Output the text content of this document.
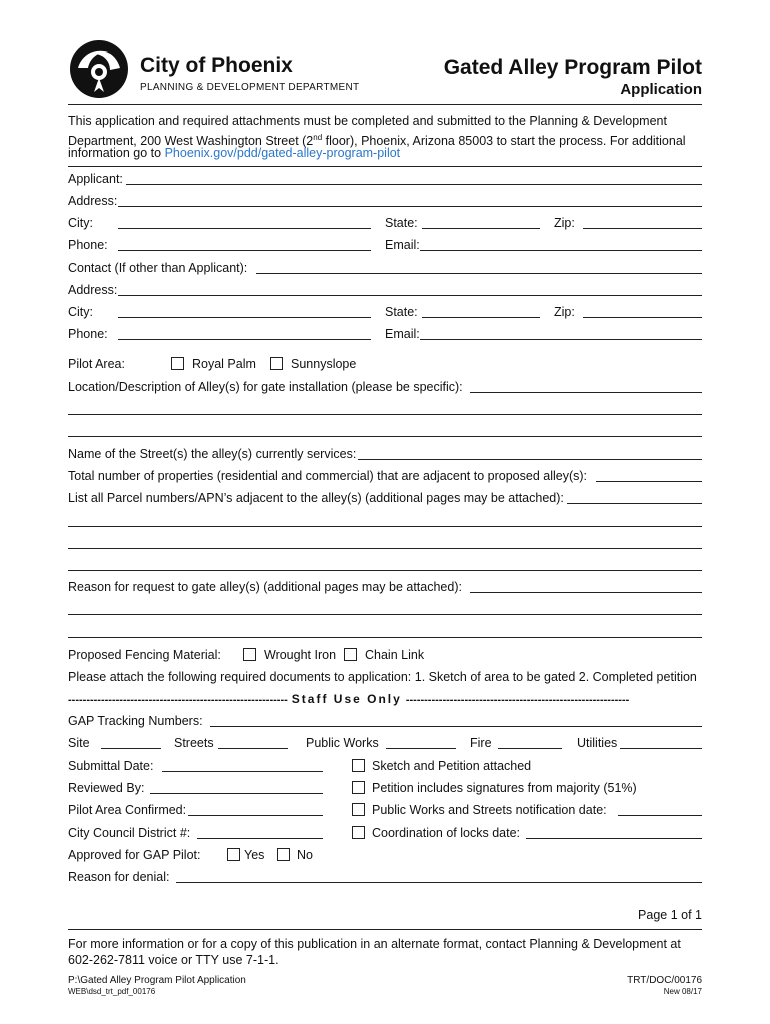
City of Phoenix
PLANNING & DEVELOPMENT DEPARTMENT
Gated Alley Program Pilot
Application
This application and required attachments must be completed and submitted to the Planning & Development
Department, 200 West Washington Street (2nd floor), Phoenix, Arizona 85003 to start the process. For additional
information go to Phoenix.gov/pdd/gated-alley-program-pilot
Applicant:
Address:
City:	State:	Zip:
Phone:	Email:
Contact (If other than Applicant):
Address:
City:	State:	Zip:
Phone:	Email:
Pilot Area:	Royal Palm	Sunnyslope
Location/Description of Alley(s) for gate installation (please be specific):
Name of the Street(s) the alley(s) currently services:
Total number of properties (residential and commercial) that are adjacent to proposed alley(s):
List all Parcel numbers/APN’s adjacent to the alley(s) (additional pages may be attached):
Reason for request to gate alley(s) (additional pages may be attached):
Proposed Fencing Material:	Wrought Iron Chain Link
Please attach the following required documents to application: 1. Sketch of area to be gated 2. Completed petition
------------------------------------------------------------ Staff Use Only -------------------------------------------------------------
GAP Tracking Numbers:
Site	Streets	Public Works	Fire	Utilities
Submittal Date:	Sketch and Petition attached
Reviewed By:	Petition includes signatures from majority (51%)
Pilot Area Confirmed:	Public Works and Streets notification date:
City Council District #:	Coordination of locks date:
Approved for GAP Pilot:	Yes	No
Reason for denial:
Page 1 of 1
For more information or for a copy of this publication in an alternate format, contact Planning & Development at
602-262-7811 voice or TTY use 7-1-1.
P:\Gated Alley Program Pilot Application
WEB\dsd_trt_pdf_00176
TRT/DOC/00176
New 08/17
